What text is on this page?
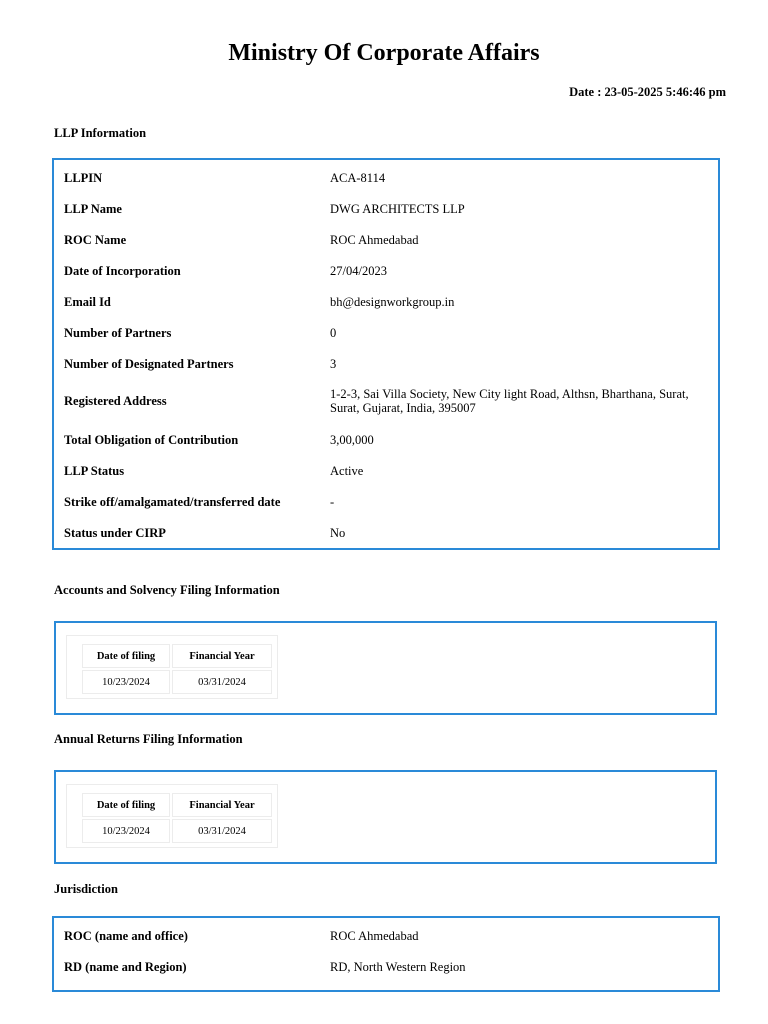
Ministry Of Corporate Affairs
Date : 23-05-2025 5:46:46 pm
LLP Information
LLPIN	ACA-8114
LLP Name	DWG ARCHITECTS LLP
ROC Name	ROC Ahmedabad
Date of Incorporation	27/04/2023
Email Id	bh@designworkgroup.in
Number of Partners	0
Number of Designated Partners	3
Registered Address	1-2-3, Sai Villa Society, New City light Road, Althsn, Bharthana, Surat, Surat, Gujarat, India, 395007
Total Obligation of Contribution	3,00,000
LLP Status	Active
Strike off/amalgamated/transferred date	-
Status under CIRP	No
Accounts and Solvency Filing Information
Date of filing	Financial Year
10/23/2024	03/31/2024
Annual Returns Filing Information
Date of filing	Financial Year
10/23/2024	03/31/2024
Jurisdiction
ROC (name and office)	ROC Ahmedabad
RD (name and Region)	RD, North Western Region
